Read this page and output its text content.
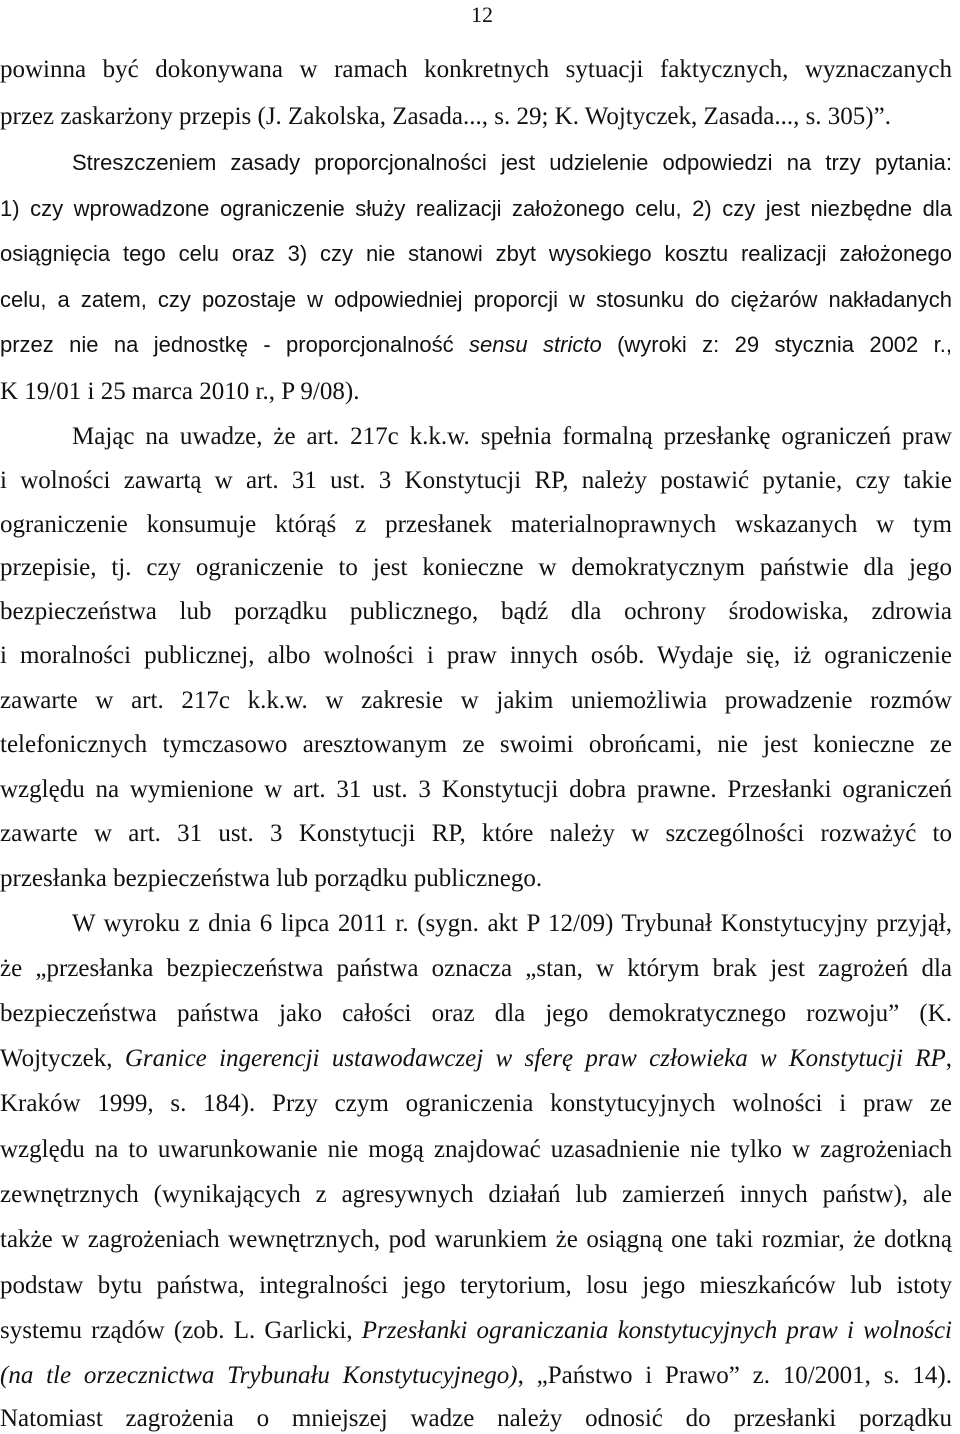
12
powinna być dokonywana w ramach konkretnych sytuacji faktycznych, wyznaczanych
przez zaskarżony przepis (J. Zakolska, Zasada..., s. 29; K. Wojtyczek, Zasada..., s. 305)”.
Streszczeniem zasady proporcjonalności jest udzielenie odpowiedzi na trzy pytania:
1) czy wprowadzone ograniczenie służy realizacji założonego celu, 2) czy jest niezbędne dla
osiągnięcia tego celu oraz 3) czy nie stanowi zbyt wysokiego kosztu realizacji założonego
celu, a zatem, czy pozostaje w odpowiedniej proporcji w stosunku do ciężarów nakładanych
przez nie na jednostkę - proporcjonalność sensu stricto (wyroki z: 29 stycznia 2002 r.,
K 19/01 i 25 marca 2010 r., P 9/08).
Mając na uwadze, że art. 217c k.k.w. spełnia formalną przesłankę ograniczeń praw
i wolności zawartą w art. 31 ust. 3 Konstytucji RP, należy postawić pytanie, czy takie
ograniczenie konsumuje którąś z przesłanek materialnoprawnych wskazanych w tym
przepisie, tj. czy ograniczenie to jest konieczne w demokratycznym państwie dla jego
bezpieczeństwa lub porządku publicznego, bądź dla ochrony środowiska, zdrowia
i moralności publicznej, albo wolności i praw innych osób. Wydaje się, iż ograniczenie
zawarte w art. 217c k.k.w. w zakresie w jakim uniemożliwia prowadzenie rozmów
telefonicznych tymczasowo aresztowanym ze swoimi obrońcami, nie jest konieczne ze
względu na wymienione w art. 31 ust. 3 Konstytucji dobra prawne. Przesłanki ograniczeń
zawarte w art. 31 ust. 3 Konstytucji RP, które należy w szczególności rozważyć to
przesłanka bezpieczeństwa lub porządku publicznego.
W wyroku z dnia 6 lipca 2011 r. (sygn. akt P 12/09) Trybunał Konstytucyjny przyjął,
że „przesłanka bezpieczeństwa państwa oznacza „stan, w którym brak jest zagrożeń dla
bezpieczeństwa państwa jako całości oraz dla jego demokratycznego rozwoju” (K.
Wojtyczek, Granice ingerencji ustawodawczej w sferę praw człowieka w Konstytucji RP,
Kraków 1999, s. 184). Przy czym ograniczenia konstytucyjnych wolności i praw ze
względu na to uwarunkowanie nie mogą znajdować uzasadnienie nie tylko w zagrożeniach
zewnętrznych (wynikających z agresywnych działań lub zamierzeń innych państw), ale
także w zagrożeniach wewnętrznych, pod warunkiem że osiągną one taki rozmiar, że dotkną
podstaw bytu państwa, integralności jego terytorium, losu jego mieszkańców lub istoty
systemu rządów (zob. L. Garlicki, Przesłanki ograniczania konstytucyjnych praw i wolności
(na tle orzecznictwa Trybunału Konstytucyjnego), „Państwo i Prawo” z. 10/2001, s. 14).
Natomiast zagrożenia o mniejszej wadze należy odnosić do przesłanki porządku
